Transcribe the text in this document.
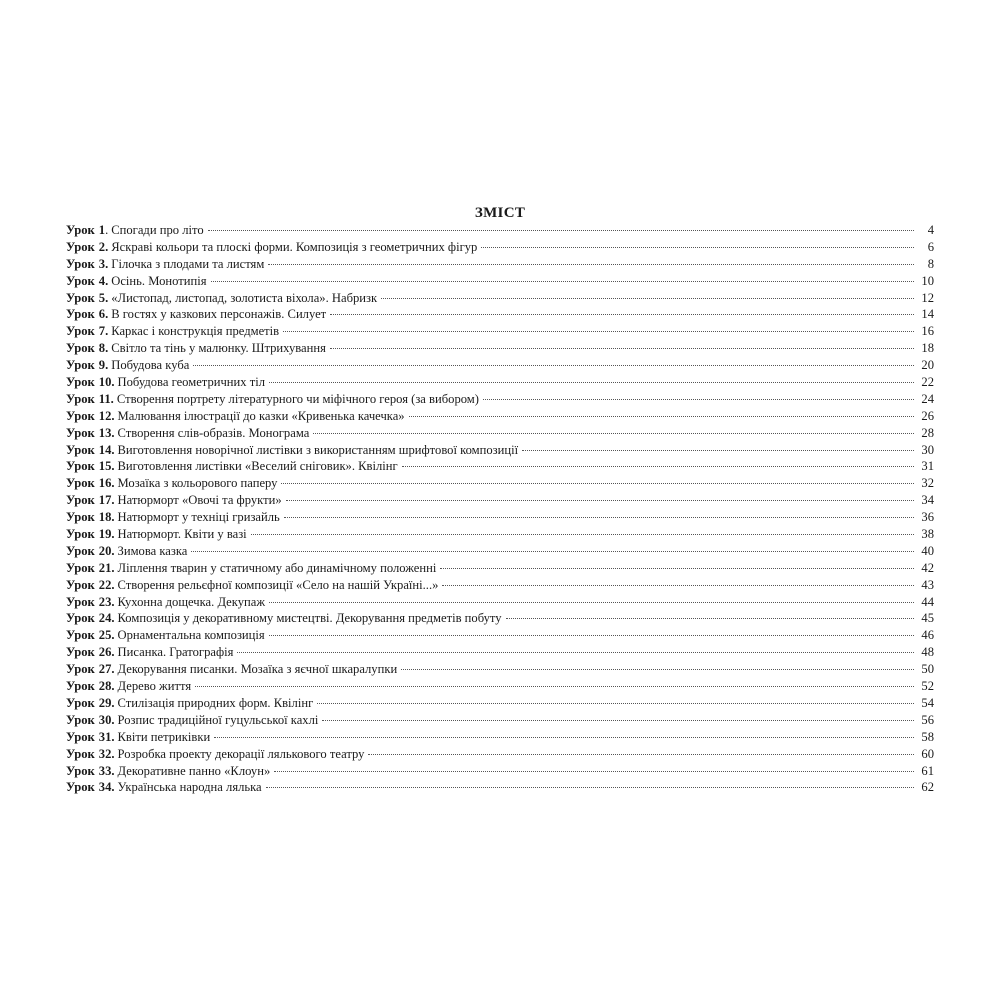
ЗМІСТ
Урок 1 . Спогади про літо	4
Урок 2. Яскраві кольори та плоскі форми. Композиція з геометричних фігур	6
Урок 3. Гілочка з плодами та листям	8
Урок 4. Осінь. Монотипія	10
Урок 5. «Листопад, листопад, золотиста віхола». Набризк	12
Урок 6. В гостях у казкових персонажів. Силует	14
Урок 7. Каркас і конструкція предметів	16
Урок 8. Світло та тінь у малюнку. Штрихування	18
Урок 9. Побудова куба	20
Урок 10. Побудова геометричних тіл	22
Урок 11. Створення портрету літературного чи міфічного героя (за вибором)	24
Урок 12. Малювання ілюстрації до казки «Кривенька качечка»	26
Урок 13. Створення слів-образів. Монограма	28
Урок 14. Виготовлення новорічної листівки з використанням шрифтової композиції	30
Урок 15. Виготовлення листівки «Веселий сніговик». Квілінг	31
Урок 16. Мозаїка з кольорового паперу	32
Урок 17. Натюрморт «Овочі та фрукти»	34
Урок 18. Натюрморт у техніці гризайль	36
Урок 19. Натюрморт. Квіти у вазі	38
Урок 20. Зимова казка	40
Урок 21. Ліплення тварин у статичному або динамічному положенні	42
Урок 22. Створення рельєфної композиції «Село на нашій Україні...»	43
Урок 23. Кухонна дощечка. Декупаж	44
Урок 24. Композиція у декоративному мистецтві. Декорування предметів побуту	45
Урок 25. Орнаментальна композиція	46
Урок 26. Писанка. Гратографія	48
Урок 27. Декорування писанки. Мозаїка з яєчної шкаралупки	50
Урок 28. Дерево життя	52
Урок 29. Стилізація природних форм. Квілінг	54
Урок 30. Розпис традиційної гуцульської кахлі	56
Урок 31. Квіти петриківки	58
Урок 32. Розробка проекту декорації лялькового театру	60
Урок 33. Декоративне панно «Клоун»	61
Урок 34. Українська народна лялька	62
